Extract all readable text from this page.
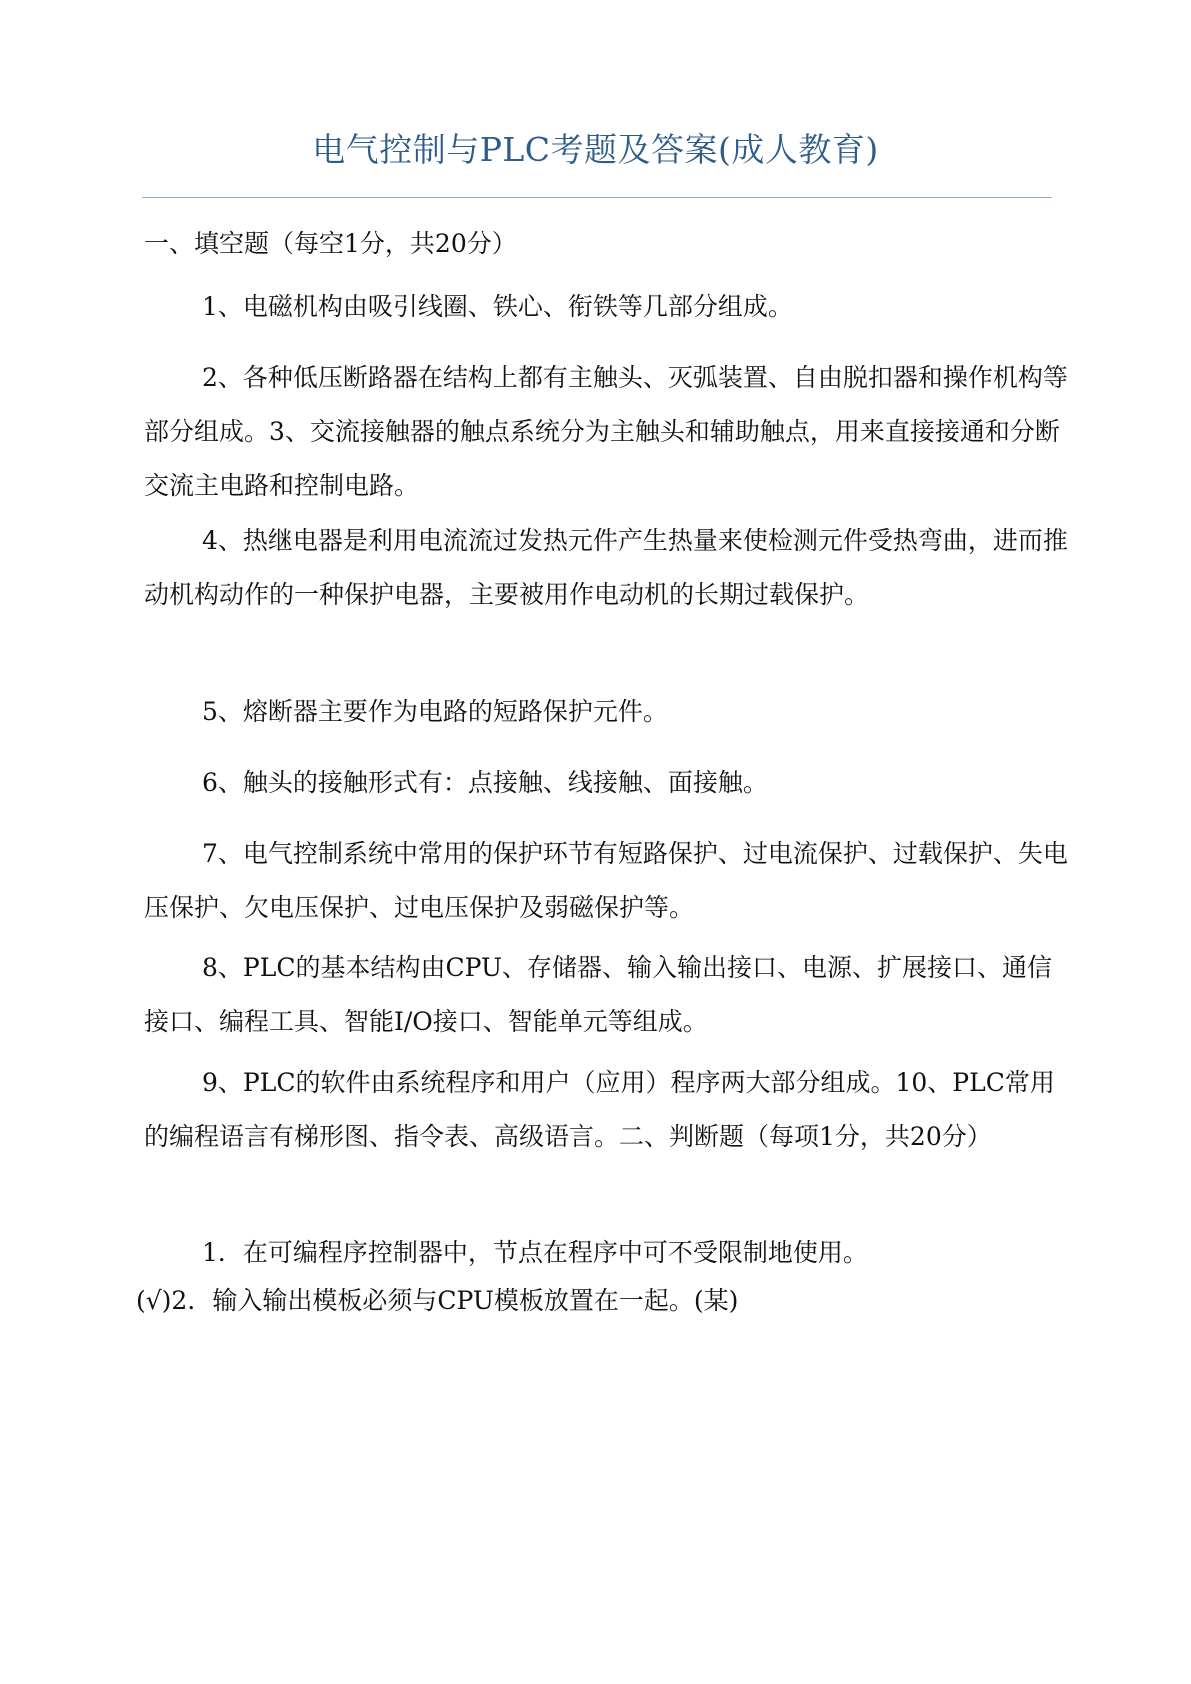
电气控制与PLC考题及答案(成人教育)
一、填空题（每空1分，共20分）

1、电磁机构由吸引线圈、铁心、衔铁等几部分组成。

2、各种低压断路器在结构上都有主触头、灭弧装置、自由脱扣器和操作机构等部分组成。3、交流接触器的触点系统分为主触头和辅助触点，用来直接接通和分断交流主电路和控制电路。

4、热继电器是利用电流流过发热元件产生热量来使检测元件受热弯曲，进而推动机构动作的一种保护电器，主要被用作电动机的长期过载保护。

5、熔断器主要作为电路的短路保护元件。

6、触头的接触形式有：点接触、线接触、面接触。

7、电气控制系统中常用的保护环节有短路保护、过电流保护、过载保护、失电压保护、欠电压保护、过电压保护及弱磁保护等。

8、PLC的基本结构由CPU、存储器、输入输出接口、电源、扩展接口、通信接口、编程工具、智能I/O接口、智能单元等组成。

9、PLC的软件由系统程序和用户（应用）程序两大部分组成。10、PLC常用的编程语言有梯形图、指令表、高级语言。二、判断题（每项1分，共20分）

1．在可编程序控制器中，节点在程序中可不受限制地使用。

(√)2．输入输出模板必须与CPU模板放置在一起。(某)
